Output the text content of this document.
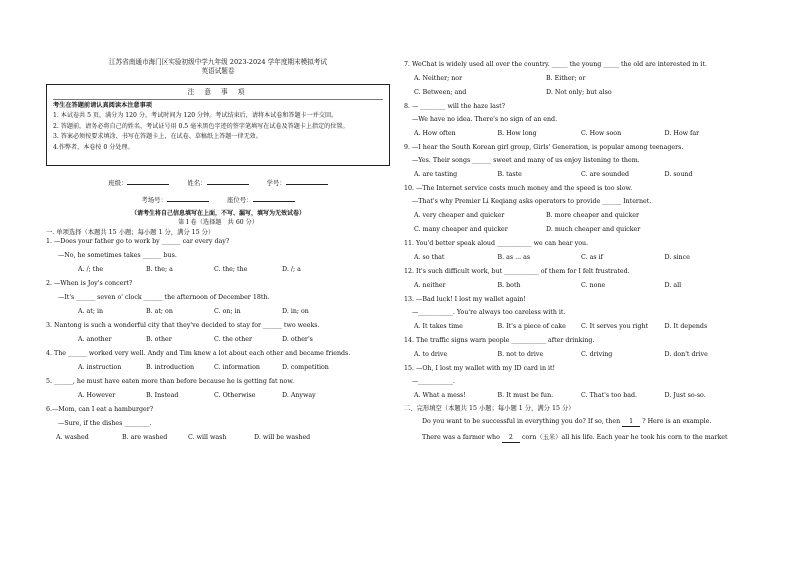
江苏省南通市海门区实验初级中学九年级 2023-2024 学年度期末模拟考试
英语试题卷
注 意 事 项
考生在答题前请认真阅读本注意事项
1. 本试卷共 5 页，满分为 120 分，考试时间为 120 分钟。考试结束后，请将本试卷和答题卡一并交回。
2. 答题前，请务必将自己的姓名、考试证号用 0.5 毫米黑色字迹的签字笔填写在试卷及答题卡上指定的位置。
3. 答案必须按要求填涂、书写在答题卡上，在试卷、草稿纸上答题一律无效。
4.作弊者，本卷按 0 分处理。
班级：	姓名：	学号：
考场号：	座位号：
（请考生将自己信息填写在上面，不写、漏写，填写为无效试卷）
第 I 卷（选择题　共 60 分）
一. 单项选择（本题共 15 小题；每小题 1 分，满分 15 分）
1. —Does your father go to work by ______ car every day?
—No, he sometimes takes ______ bus.
A. /; the	B. the; a	C. the; the	D. /; a
2. —When is Joy's concert?
—It's ______ seven o' clock ______ the afternoon of December 18th.
A. at; in	B. at; on	C. on; in	D. in; on
3. Nantong is such a wonderful city that they've decided to stay for ______ two weeks.
A. another	B. other	C. the other	D. other's
4. The ______ worked very well. Andy and Tim knew a lot about each other and became friends.
A. instruction	B. introduction	C. information	D. competition
5. ______, he must have eaten more than before because he is getting fat now.
A. However	B. Instead	C. Otherwise	D. Anyway
6.—Mom, can I eat a hamburger?
—Sure, if the dishes ________.
A. washed	B. are washed	C. will wash	D. will be washed
7. WeChat is widely used all over the country. _____ the young _____ the old are interested in it.
A. Neither; nor	B. Either; or
C. Between; and	D. Not only; but also
8. — ________ will the haze last?
—We have no idea. There's no sign of an end.
A. How often	B. How long	C. How soon	D. How far
9. —I hear the South Korean girl group, Girls' Generation, is popular among teenagers.
—Yes. Their songs ______ sweet and many of us enjoy listening to them.
A. are tasting	B. taste	C. are sounded	D. sound
10. —The Internet service costs much money and the speed is too slow.
—That's why Premier Li Keqiang asks operators to provide ______ Internet.
A. very cheaper and quicker	B. more cheaper and quicker
C. many cheaper and quicker	D. much cheaper and quicker
11. You'd better speak aloud ___________ we can hear you.
A. so that	B. as ... as	C. as if	D. since
12. It's such difficult work, but ___________ of them for I felt frustrated.
A. neither	B. both	C. none	D. all
13. —Bad luck! I lost my wallet again!
—___________. You're always too careless with it.
A. It takes time	B. It's a piece of cake	C. It serves you right	D. It depends
14. The traffic signs warn people ___________ after drinking.
A. to drive	B. not to drive	C. driving	D. don't drive
15. —Oh, I lost my wallet with my ID card in it!
—___________.
A. What a mess!	B. It must be fun.	C. That's too bad.	D. Just so-so.
二、完形填空（本题共 15 小题；每小题 1 分，满分 15 分）
Do you want to be successful in everything you do? If so, then 1 ? Here is an example.
There was a farmer who 2 corn（玉米）all his life. Each year he took his corn to the market
